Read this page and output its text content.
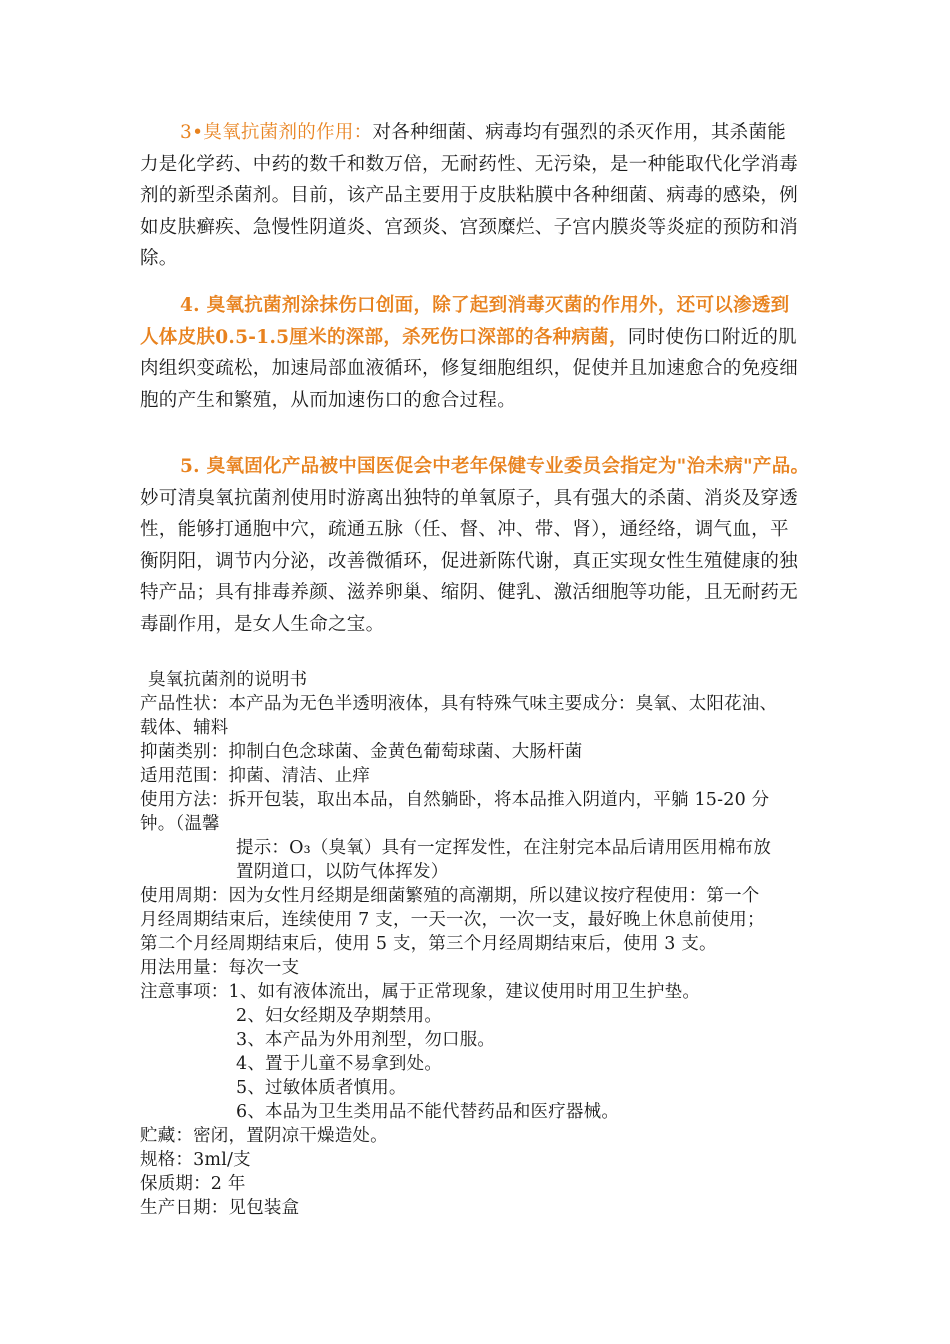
3•臭氧抗菌剂的作用：对各种细菌、病毒均有强烈的杀灭作用，其杀菌能
力是化学药、中药的数千和数万倍，无耐药性、无污染，是一种能取代化学消毒
剂的新型杀菌剂。目前，该产品主要用于皮肤粘膜中各种细菌、病毒的感染，例
如皮肤癣疾、急慢性阴道炎、宫颈炎、宫颈糜烂、子宫内膜炎等炎症的预防和消
除。
4. 臭氧抗菌剂涂抹伤口创面，除了起到消毒灭菌的作用外，还可以渗透到
人体皮肤0.5-1.5厘米的深部，杀死伤口深部的各种病菌，同时使伤口附近的肌
肉组织变疏松，加速局部血液循环，修复细胞组织，促使并且加速愈合的免疫细
胞的产生和繁殖，从而加速伤口的愈合过程。
5. 臭氧固化产品被中国医促会中老年保健专业委员会指定为"治未病"产品。
妙可清臭氧抗菌剂使用时游离出独特的单氧原子，具有强大的杀菌、消炎及穿透
性，能够打通胞中穴，疏通五脉（任、督、冲、带、肾），通经络，调气血，平
衡阴阳，调节内分泌，改善微循环，促进新陈代谢，真正实现女性生殖健康的独
特产品；具有排毒养颜、滋养卵巢、缩阴、健乳、激活细胞等功能，且无耐药无
毒副作用，是女人生命之宝。
臭氧抗菌剂的说明书
产品性状：本产品为无色半透明液体，具有特殊气味主要成分：臭氧、太阳花油、
载体、辅料
抑菌类别：抑制白色念球菌、金黄色葡萄球菌、大肠杆菌
适用范围：抑菌、清洁、止痒
使用方法：拆开包装，取出本品，自然躺卧，将本品推入阴道内，平躺 15-20 分
钟。（温馨
提示：O₃（臭氧）具有一定挥发性，在注射完本品后请用医用棉布放
置阴道口，以防气体挥发）
使用周期：因为女性月经期是细菌繁殖的高潮期，所以建议按疗程使用：第一个
月经周期结束后，连续使用 7 支，一天一次，一次一支，最好晚上休息前使用；
第二个月经周期结束后，使用 5 支，第三个月经周期结束后，使用 3 支。
用法用量：每次一支
注意事项：1、如有液体流出，属于正常现象，建议使用时用卫生护垫。
2、妇女经期及孕期禁用。
3、本产品为外用剂型，勿口服。
4、置于儿童不易拿到处。
5、过敏体质者慎用。
6、本品为卫生类用品不能代替药品和医疗器械。
贮藏：密闭，置阴凉干燥造处。
规格：3ml/支
保质期：2 年
生产日期：见包装盒
